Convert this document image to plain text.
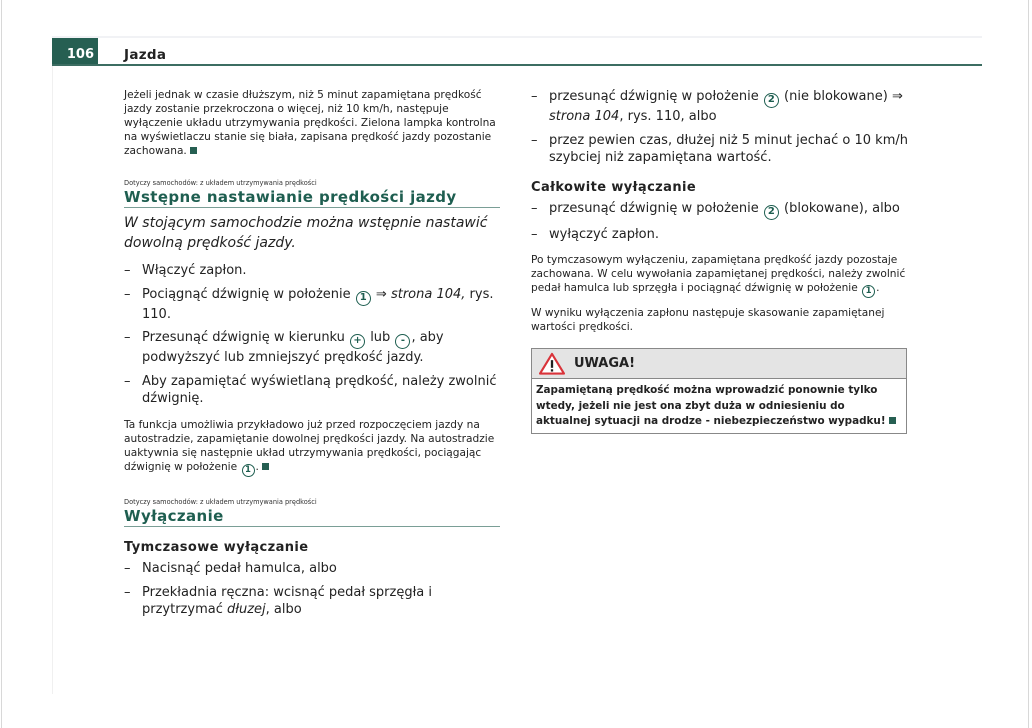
106 Jazda

Jeżeli jednak w czasie dłuższym, niż 5 minut zapamiętana prędkość jazdy zostanie przekroczona o więcej, niż 10 km/h, następuje wyłączenie układu utrzymywania prędkości. Zielona lampka kontrolna na wyświetlaczu stanie się biała, zapisana prędkość jazdy pozostanie zachowana.

Dotyczy samochodów: z układem utrzymywania prędkości
Wstępne nastawianie prędkości jazdy

W stojącym samochodzie można wstępnie nastawić dowolną prędkość jazdy.

– Włączyć zapłon.
– Pociągnąć dźwignię w położenie 1 ⇒ strona 104, rys. 110.
– Przesunąć dźwignię w kierunku + lub - , aby podwyższyć lub zmniejszyć prędkość jazdy.
– Aby zapamiętać wyświetlaną prędkość, należy zwolnić dźwignię.

Ta funkcja umożliwia przykładowo już przed rozpoczęciem jazdy na autostradzie, zapamiętanie dowolnej prędkości jazdy. Na autostradzie uaktywnia się następnie układ utrzymywania prędkości, pociągając dźwignię w położenie 1 .

Dotyczy samochodów: z układem utrzymywania prędkości
Wyłączanie
Tymczasowe wyłączanie
– Nacisnąć pedał hamulca, albo
– Przekładnia ręczna: wcisnąć pedał sprzęgła i przytrzymać dłuzej, albo
– przesunąć dźwignię w położenie 2 (nie blokowane) ⇒ strona 104, rys. 110, albo
– przez pewien czas, dłużej niż 5 minut jechać o 10 km/h szybciej niż zapamiętana wartość.
Całkowite wyłączanie
– przesunąć dźwignię w położenie 2 (blokowane), albo
– wyłączyć zapłon.

Po tymczasowym wyłączeniu, zapamiętana prędkość jazdy pozostaje zachowana. W celu wywołania zapamiętanej prędkości, należy zwolnić pedał hamulca lub sprzęgła i pociągnąć dźwignię w położenie 1 .

W wyniku wyłączenia zapłonu następuje skasowanie zapamiętanej wartości prędkości.

UWAGA!
Zapamiętaną prędkość można wprowadzić ponownie tylko wtedy, jeżeli nie jest ona zbyt duża w odniesieniu do aktualnej sytuacji na drodze - niebezpieczeństwo wypadku!
